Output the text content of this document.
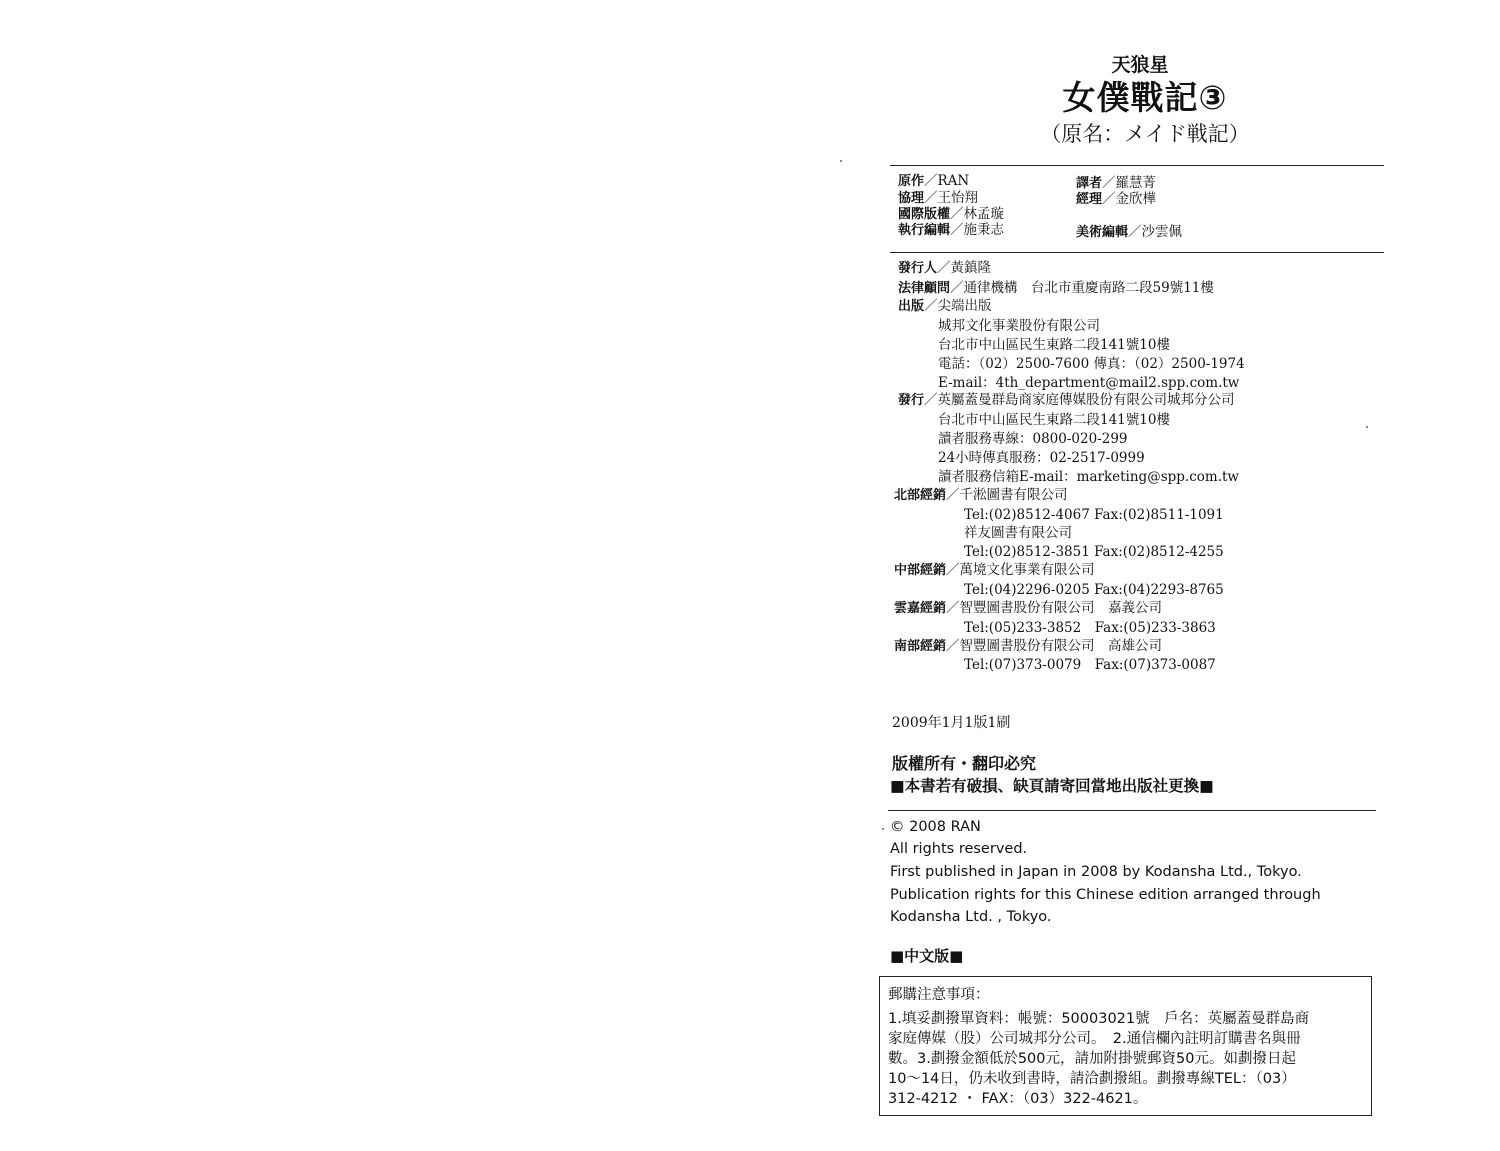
天狼星
女僕戰記③
（原名：メイド戦記）
原作／RAN	譯者／羅慧菁
協理／王怡翔	經理／金欣樺
國際版權／林孟璇
執行編輯／施秉志	美術編輯／沙雲佩
發行人／黃鎮隆
法律顧問／通律機構　台北市重慶南路二段59號11樓
出版／尖端出版
城邦文化事業股份有限公司
台北市中山區民生東路二段141號10樓
電話：（02）2500-7600 傳真：（02）2500-1974
E-mail：4th_department@mail2.spp.com.tw
發行／英屬蓋曼群島商家庭傳媒股份有限公司城邦分公司
台北市中山區民生東路二段141號10樓
讀者服務專線：0800-020-299
24小時傳真服務：02-2517-0999
讀者服務信箱E-mail：marketing@spp.com.tw
北部經銷／千淞圖書有限公司
Tel:(02)8512-4067 Fax:(02)8511-1091
祥友圖書有限公司
Tel:(02)8512-3851 Fax:(02)8512-4255
中部經銷／萬境文化事業有限公司
Tel:(04)2296-0205 Fax:(04)2293-8765
雲嘉經銷／智豐圖書股份有限公司　嘉義公司
Tel:(05)233-3852　Fax:(05)233-3863
南部經銷／智豐圖書股份有限公司　高雄公司
Tel:(07)373-0079　Fax:(07)373-0087
2009年1月1版1刷
版權所有・翻印必究
■本書若有破損、缺頁請寄回當地出版社更換■
© 2008 RAN
All rights reserved.
First published in Japan in 2008 by Kodansha Ltd., Tokyo.
Publication rights for this Chinese edition arranged through
Kodansha Ltd. , Tokyo.
■中文版■
郵購注意事項：
1.填妥劃撥單資料：帳號：50003021號　戶名：英屬蓋曼群島商
家庭傳媒（股）公司城邦分公司。　2.通信欄內註明訂購書名與冊
數。3.劃撥金額低於500元，請加附掛號郵資50元。如劃撥日起
10～14日，仍未收到書時，請洽劃撥組。劃撥專線TEL：（03）
312-4212 ・ FAX：（03）322-4621。
